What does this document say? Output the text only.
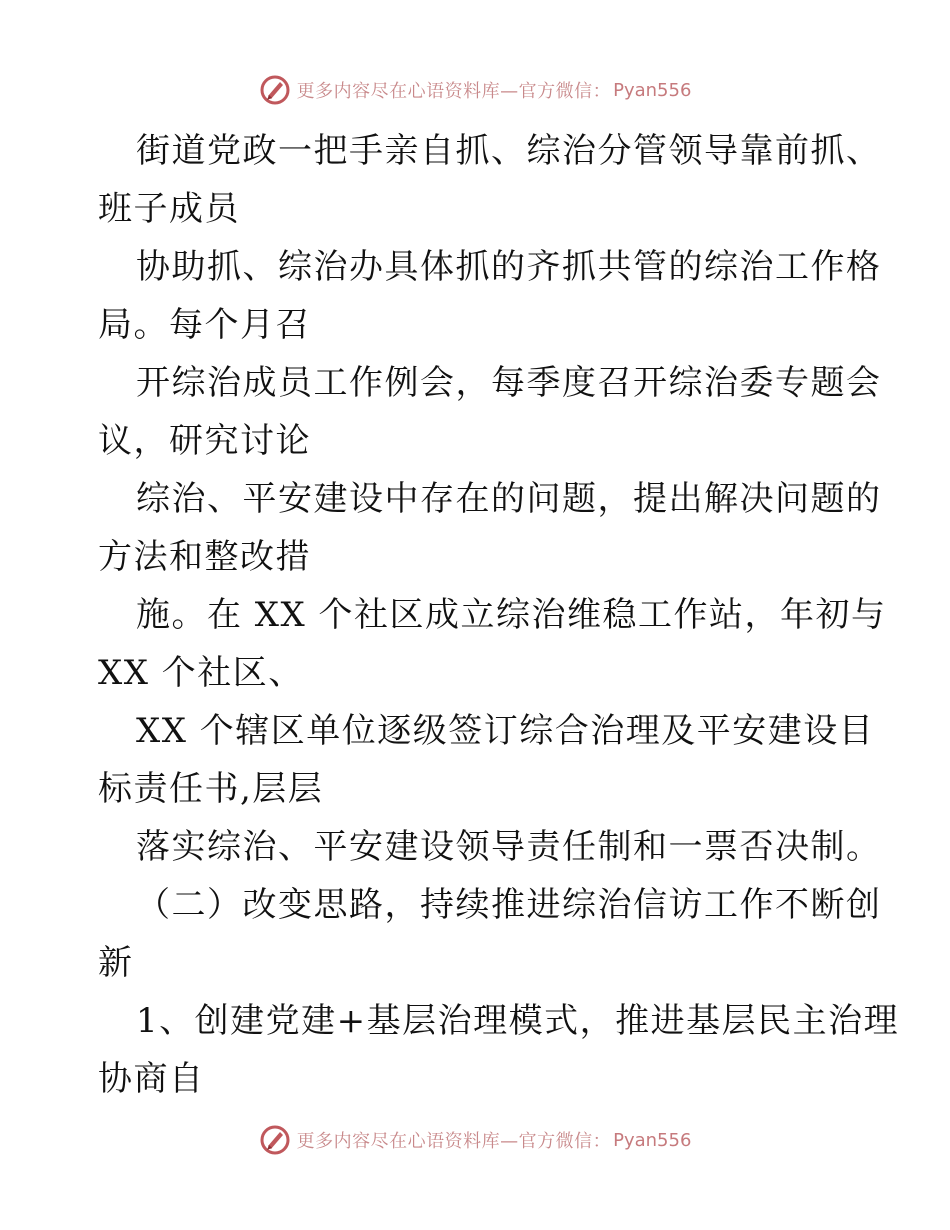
更多内容尽在心语资料库—官方微信： Pyan556
街道党政一把手亲自抓、综治分管领导靠前抓、
班子成员
协助抓、综治办具体抓的齐抓共管的综治工作格
局。每个月召
开综治成员工作例会，每季度召开综治委专题会
议，研究讨论
综治、平安建设中存在的问题，提出解决问题的
方法和整改措
施。在 XX 个社区成立综治维稳工作站，年初与
XX 个社区、
XX 个辖区单位逐级签订综合治理及平安建设目
标责任书,层层
落实综治、平安建设领导责任制和一票否决制。
（二）改变思路，持续推进综治信访工作不断创
新
1、创建党建+基层治理模式，推进基层民主治理
协商自
更多内容尽在心语资料库—官方微信： Pyan556
